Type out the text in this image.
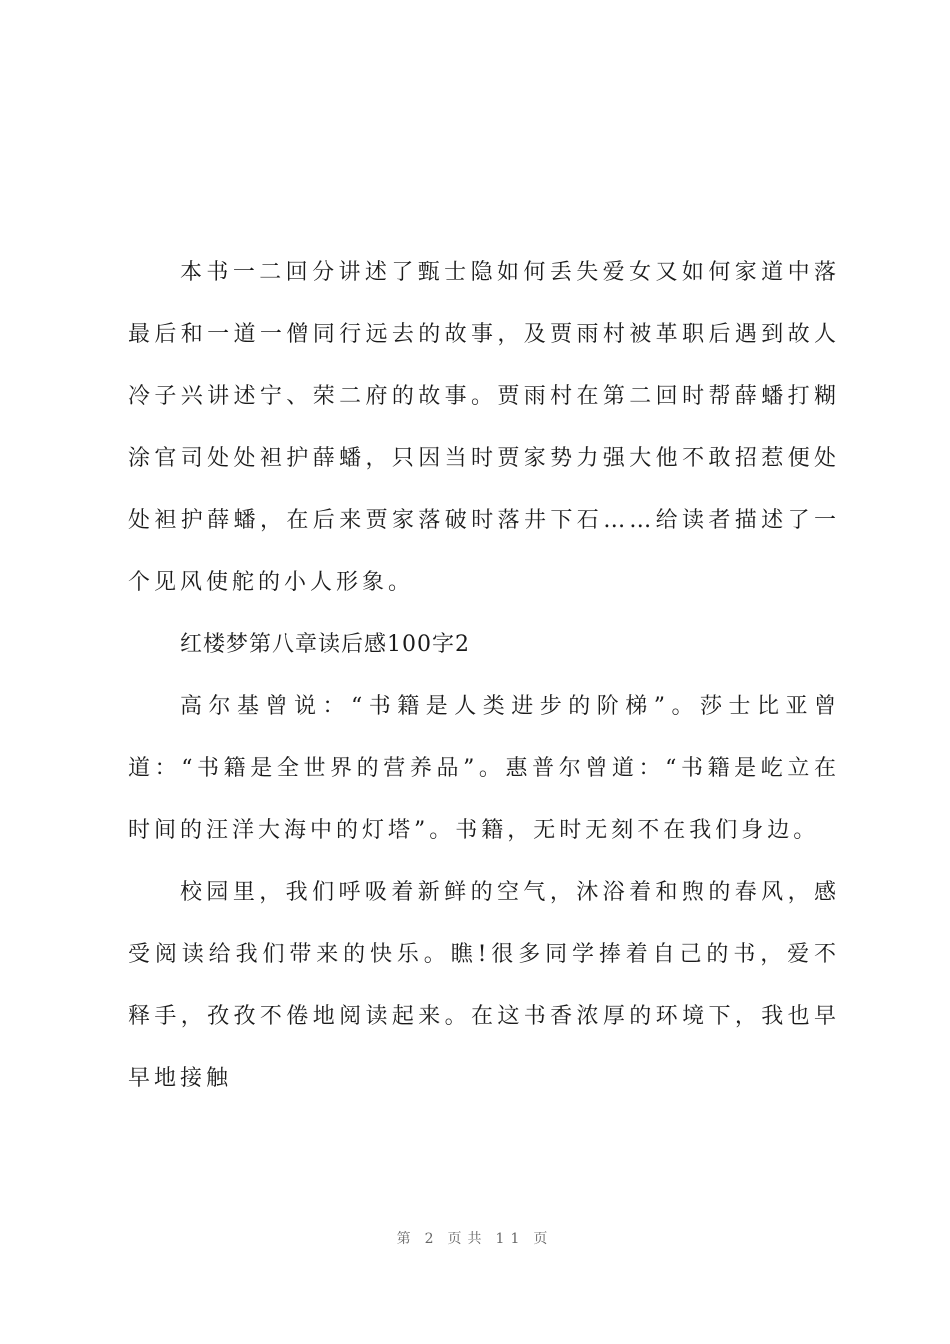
本书一二回分讲述了甄士隐如何丢失爱女又如何家道中落最后和一道一僧同行远去的故事，及贾雨村被革职后遇到故人冷子兴讲述宁、荣二府的故事。贾雨村在第二回时帮薛蟠打糊涂官司处处袒护薛蟠，只因当时贾家势力强大他不敢招惹便处处袒护薛蟠，在后来贾家落破时落井下石……给读者描述了一个见风使舵的小人形象。

红楼梦第八章读后感100字2

高尔基曾说：“书籍是人类进步的阶梯”。莎士比亚曾道：“书籍是全世界的营养品”。惠普尔曾道：“书籍是屹立在时间的汪洋大海中的灯塔”。书籍，无时无刻不在我们身边。

校园里，我们呼吸着新鲜的空气，沐浴着和煦的春风，感受阅读给我们带来的快乐。瞧!很多同学捧着自己的书，爱不释手，孜孜不倦地阅读起来。在这书香浓厚的环境下，我也早早地接触

第 2 页共 11 页
